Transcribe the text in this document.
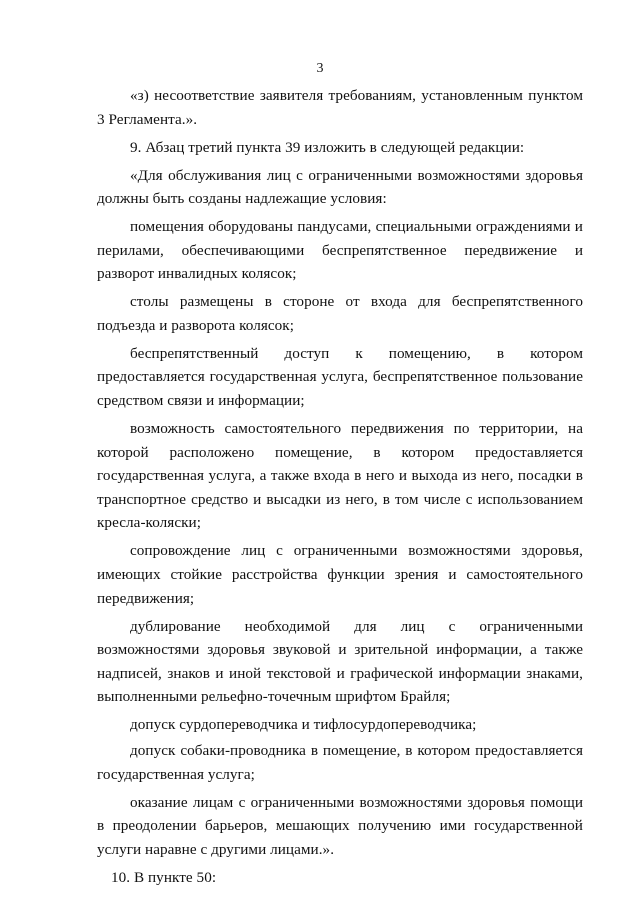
3

«з) несоответствие заявителя требованиям, установленным пунктом 3 Регламента.».

9. Абзац третий пункта 39 изложить в следующей редакции:

«Для обслуживания лиц с ограниченными возможностями здоровья должны быть созданы надлежащие условия:

помещения оборудованы пандусами, специальными ограждениями и перилами, обеспечивающими беспрепятственное передвижение и разворот инвалидных колясок;

столы размещены в стороне от входа для беспрепятственного подъезда и разворота колясок;

беспрепятственный доступ к помещению, в котором предоставляется государственная услуга, беспрепятственное пользование средством связи и информации;

возможность самостоятельного передвижения по территории, на которой расположено помещение, в котором предоставляется государственная услуга, а также входа в него и выхода из него, посадки в транспортное средство и высадки из него, в том числе с использованием кресла-коляски;

сопровождение лиц с ограниченными возможностями здоровья, имеющих стойкие расстройства функции зрения и самостоятельного передвижения;

дублирование необходимой для лиц с ограниченными возможностями здоровья звуковой и зрительной информации, а также надписей, знаков и иной текстовой и графической информации знаками, выполненными рельефно-точечным шрифтом Брайля;

допуск сурдопереводчика и тифлосурдопереводчика;

допуск собаки-проводника в помещение, в котором предоставляется государственная услуга;

оказание лицам с ограниченными возможностями здоровья помощи в преодолении барьеров, мешающих получению ими государственной услуги наравне с другими лицами.».

10. В пункте 50:
